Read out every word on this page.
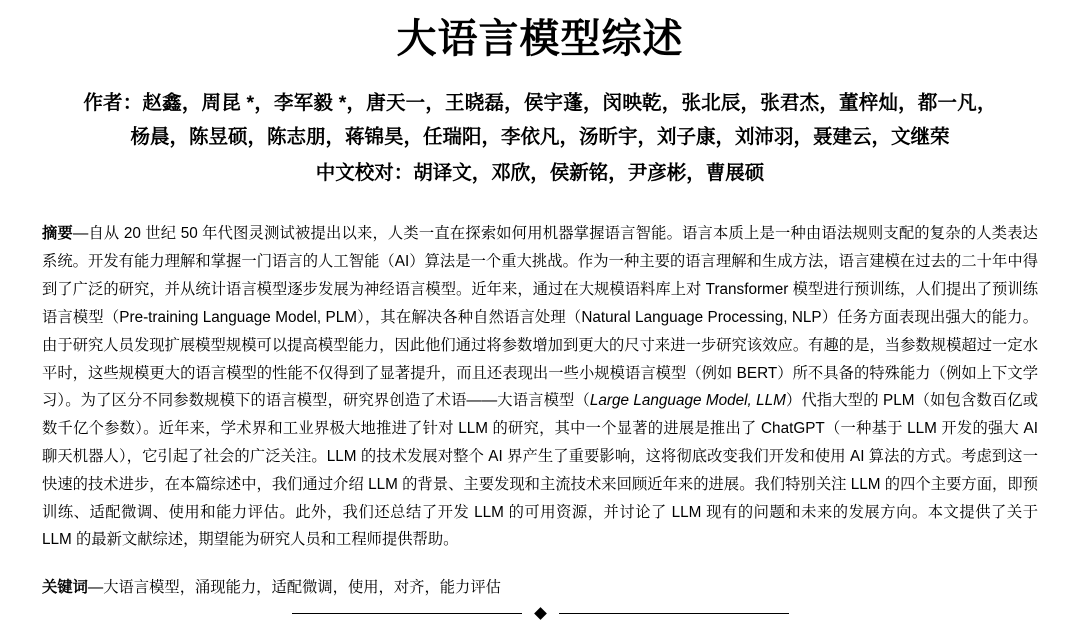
大语言模型综述
作者：赵鑫，周昆 *，李军毅 *，唐天一，王晓磊，侯宇蓬，闵映乾，张北辰，张君杰，董梓灿，都一凡，
杨晨，陈昱硕，陈志朋，蒋锦昊，任瑞阳，李依凡，汤昕宇，刘子康，刘沛羽，聂建云，文继荣
中文校对：胡译文，邓欣，侯新铭，尹彦彬，曹展硕

摘要—自从 20 世纪 50 年代图灵测试被提出以来，人类一直在探索如何用机器掌握语言智能。语言本质上是一种由语法规则支配的复杂的人类表达系统。开发有能力理解和掌握一门语言的人工智能（AI）算法是一个重大挑战。作为一种主要的语言理解和生成方法，语言建模在过去的二十年中得到了广泛的研究，并从统计语言模型逐步发展为神经语言模型。近年来，通过在大规模语料库上对 Transformer 模型进行预训练，人们提出了预训练语言模型（Pre-training Language Model, PLM），其在解决各种自然语言处理（Natural Language Processing, NLP）任务方面表现出强大的能力。由于研究人员发现扩展模型规模可以提高模型能力，因此他们通过将参数增加到更大的尺寸来进一步研究该效应。有趣的是，当参数规模超过一定水平时，这些规模更大的语言模型的性能不仅得到了显著提升，而且还表现出一些小规模语言模型（例如 BERT）所不具备的特殊能力（例如上下文学习）。为了区分不同参数规模下的语言模型，研究界创造了术语——大语言模型（Large Language Model, LLM）代指大型的 PLM（如包含数百亿或数千亿个参数）。近年来，学术界和工业界极大地推进了针对 LLM 的研究，其中一个显著的进展是推出了 ChatGPT（一种基于 LLM 开发的强大 AI 聊天机器人），它引起了社会的广泛关注。LLM 的技术发展对整个 AI 界产生了重要影响，这将彻底改变我们开发和使用 AI 算法的方式。考虑到这一快速的技术进步，在本篇综述中，我们通过介绍 LLM 的背景、主要发现和主流技术来回顾近年来的进展。我们特别关注 LLM 的四个主要方面，即预训练、适配微调、使用和能力评估。此外，我们还总结了开发 LLM 的可用资源，并讨论了 LLM 现有的问题和未来的发展方向。本文提供了关于 LLM 的最新文献综述，期望能为研究人员和工程师提供帮助。

关键词—大语言模型，涌现能力，适配微调，使用，对齐，能力评估
